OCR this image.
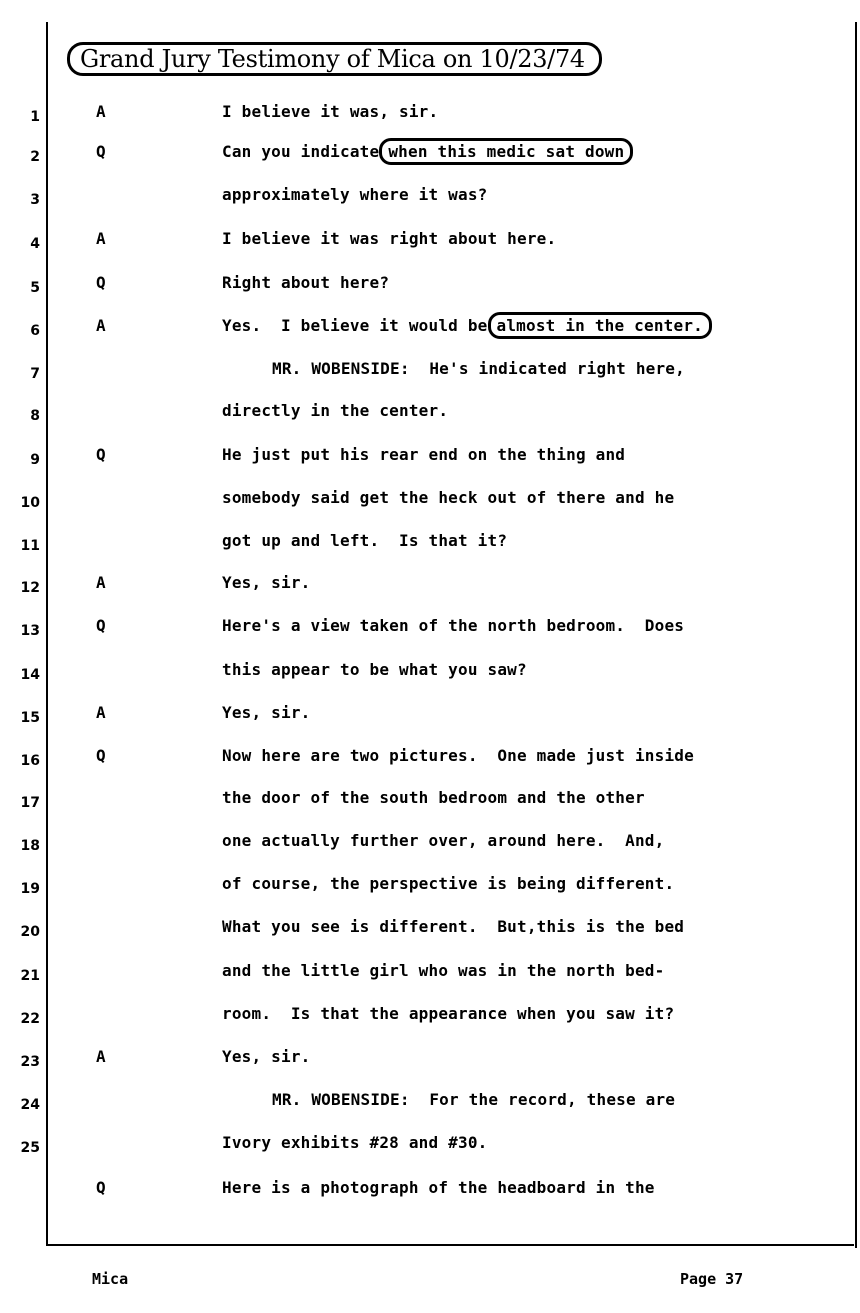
Grand Jury Testimony of Mica on 10/23/74
1
2
3
4
5
6
7
8
9
10
11
12
13
14
15
16
17
18
19
20
21
22
23
24
25
A
Q
A
Q
A
Q
A
Q
A
Q
A
Q
I believe it was, sir.
Can you indicate when this medic sat down
approximately where it was?
I believe it was right about here.
Right about here?
Yes.  I believe it would be almost in the center.
MR. WOBENSIDE:  He's indicated right here,
directly in the center.
He just put his rear end on the thing and
somebody said get the heck out of there and he
got up and left.  Is that it?
Yes, sir.
Here's a view taken of the north bedroom.  Does
this appear to be what you saw?
Yes, sir.
Now here are two pictures.  One made just inside
the door of the south bedroom and the other
one actually further over, around here.  And,
of course, the perspective is being different.
What you see is different.  But,this is the bed
and the little girl who was in the north bed-
room.  Is that the appearance when you saw it?
Yes, sir.
MR. WOBENSIDE:  For the record, these are
Ivory exhibits #28 and #30.
Here is a photograph of the headboard in the
Mica	Page 37
